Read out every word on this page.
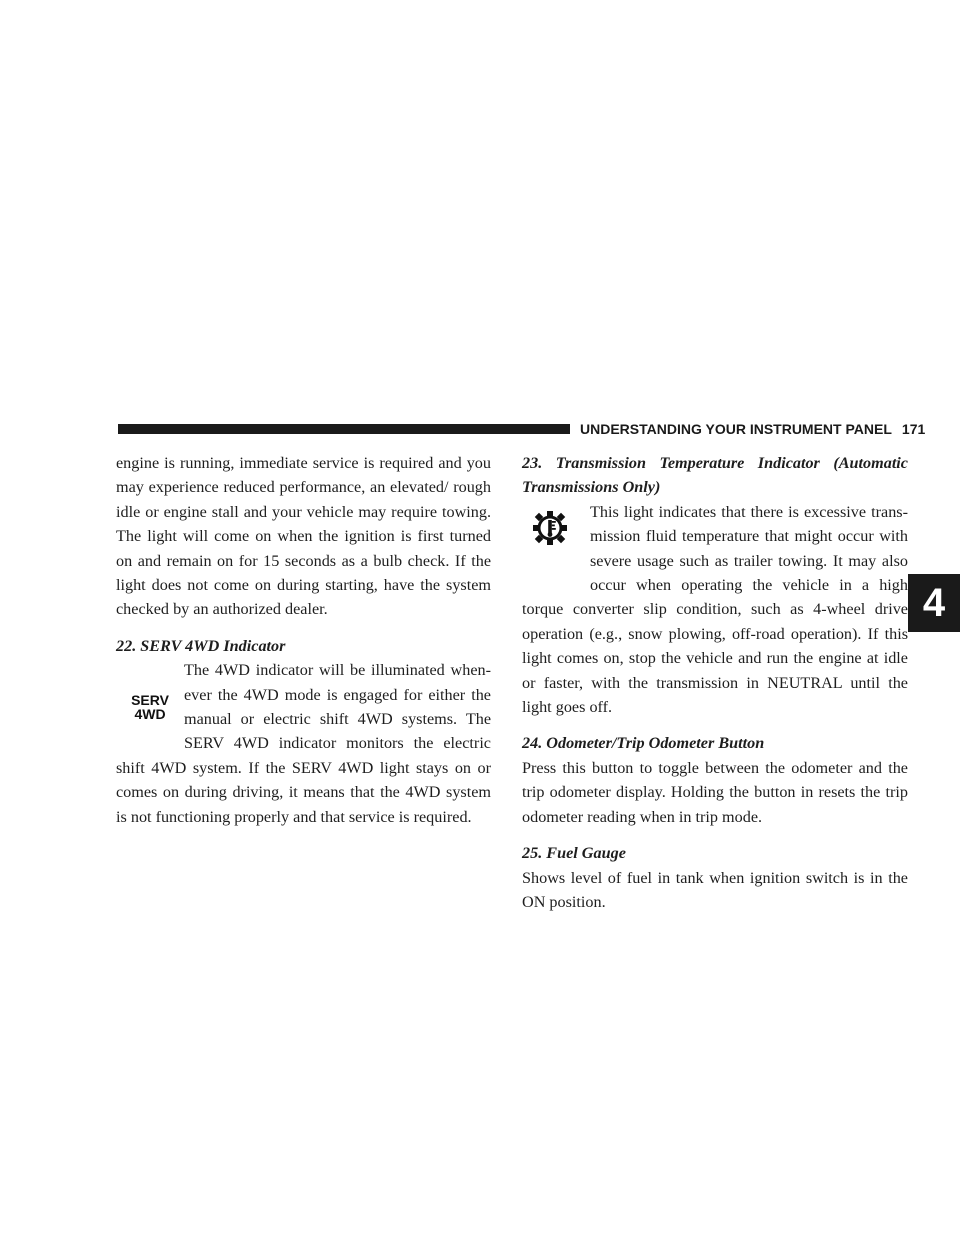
UNDERSTANDING YOUR INSTRUMENT PANEL 171
4

engine is running, immediate service is required and you may experience reduced performance, an elevated/ rough idle or engine stall and your vehicle may require towing. The light will come on when the ignition is first turned on and remain on for 15 seconds as a bulb check. If the light does not come on during starting, have the system checked by an authorized dealer.

22. SERV 4WD Indicator

SERV
4WD

The 4WD indicator will be illuminated when-ever the 4WD mode is engaged for either the manual or electric shift 4WD systems. The SERV 4WD indicator monitors the electric shift 4WD system. If the SERV 4WD light stays on or comes on during driving, it means that the 4WD system is not functioning properly and that service is required.

23. Transmission Temperature Indicator (Automatic Transmissions Only)

This light indicates that there is excessive trans-mission fluid temperature that might occur with severe usage such as trailer towing. It may also occur when operating the vehicle in a high torque converter slip condition, such as 4-wheel drive operation (e.g., snow plowing, off-road operation). If this light comes on, stop the vehicle and run the engine at idle or faster, with the transmission in NEUTRAL until the light goes off.

24. Odometer/Trip Odometer Button

Press this button to toggle between the odometer and the trip odometer display. Holding the button in resets the trip odometer reading when in trip mode.

25. Fuel Gauge

Shows level of fuel in tank when ignition switch is in the ON position.
